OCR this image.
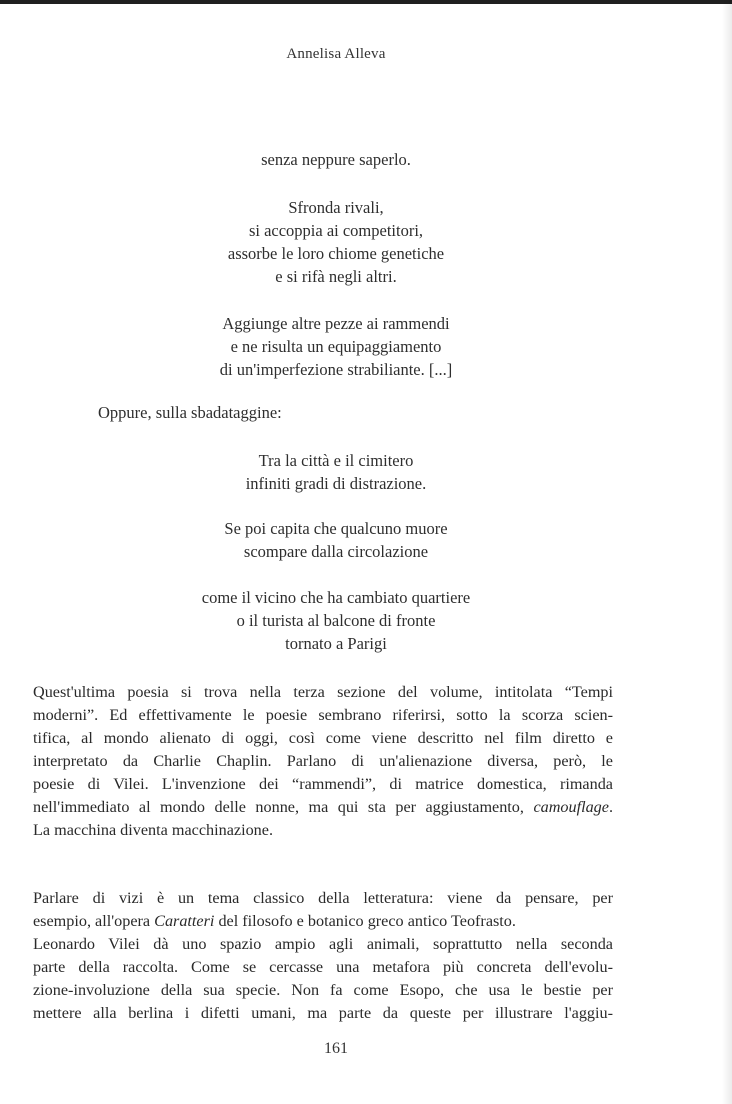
Annelisa Alleva
senza neppure saperlo.
Sfronda rivali,
si accoppia ai competitori,
assorbe le loro chiome genetiche
e si rifà negli altri.
Aggiunge altre pezze ai rammendi
e ne risulta un equipaggiamento
di un'imperfezione strabiliante. [...]
Oppure, sulla sbadataggine:
Tra la città e il cimitero
infiniti gradi di distrazione.
Se poi capita che qualcuno muore
scompare dalla circolazione
come il vicino che ha cambiato quartiere
o il turista al balcone di fronte
tornato a Parigi
Quest'ultima poesia si trova nella terza sezione del volume, intitolata “Tempi
moderni”. Ed effettivamente le poesie sembrano riferirsi, sotto la scorza scien-
tifica, al mondo alienato di oggi, così come viene descritto nel film diretto e
interpretato da Charlie Chaplin. Parlano di un'alienazione diversa, però, le
poesie di Vilei. L'invenzione dei “rammendi”, di matrice domestica, rimanda
nell'immediato al mondo delle nonne, ma qui sta per aggiustamento, camouflage.
La macchina diventa macchinazione.
Parlare di vizi è un tema classico della letteratura: viene da pensare, per
esempio, all'opera Caratteri del filosofo e botanico greco antico Teofrasto.
Leonardo Vilei dà uno spazio ampio agli animali, soprattutto nella seconda
parte della raccolta. Come se cercasse una metafora più concreta dell'evolu-
zione-involuzione della sua specie. Non fa come Esopo, che usa le bestie per
mettere alla berlina i difetti umani, ma parte da queste per illustrare l'aggiu-
161
